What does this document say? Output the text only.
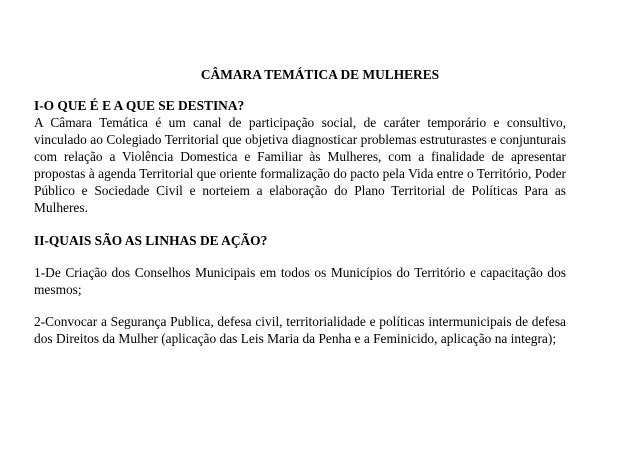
CÂMARA TEMÁTICA DE MULHERES

I-O QUE É E A QUE SE DESTINA?

A Câmara Temática é um canal de participação social, de caráter temporário e consultivo, vinculado ao Colegiado Territorial que objetiva diagnosticar problemas estruturastes e conjunturais com relação a Violência Domestica e Familiar às Mulheres, com a finalidade de apresentar propostas à agenda Territorial que oriente formalização do pacto pela Vida entre o Território, Poder Público e Sociedade Civil e norteiem a elaboração do Plano Territorial de Políticas Para as Mulheres.

II-QUAIS SÃO AS LINHAS DE AÇÃO?

1-De Criação dos Conselhos Municipais em todos os Municípios do Território e capacitação dos mesmos;

2-Convocar a Segurança Publica, defesa civil, territorialidade e políticas intermunicipais de defesa dos Direitos da Mulher (aplicação das Leis Maria da Penha e a Feminicido, aplicação na integra);
